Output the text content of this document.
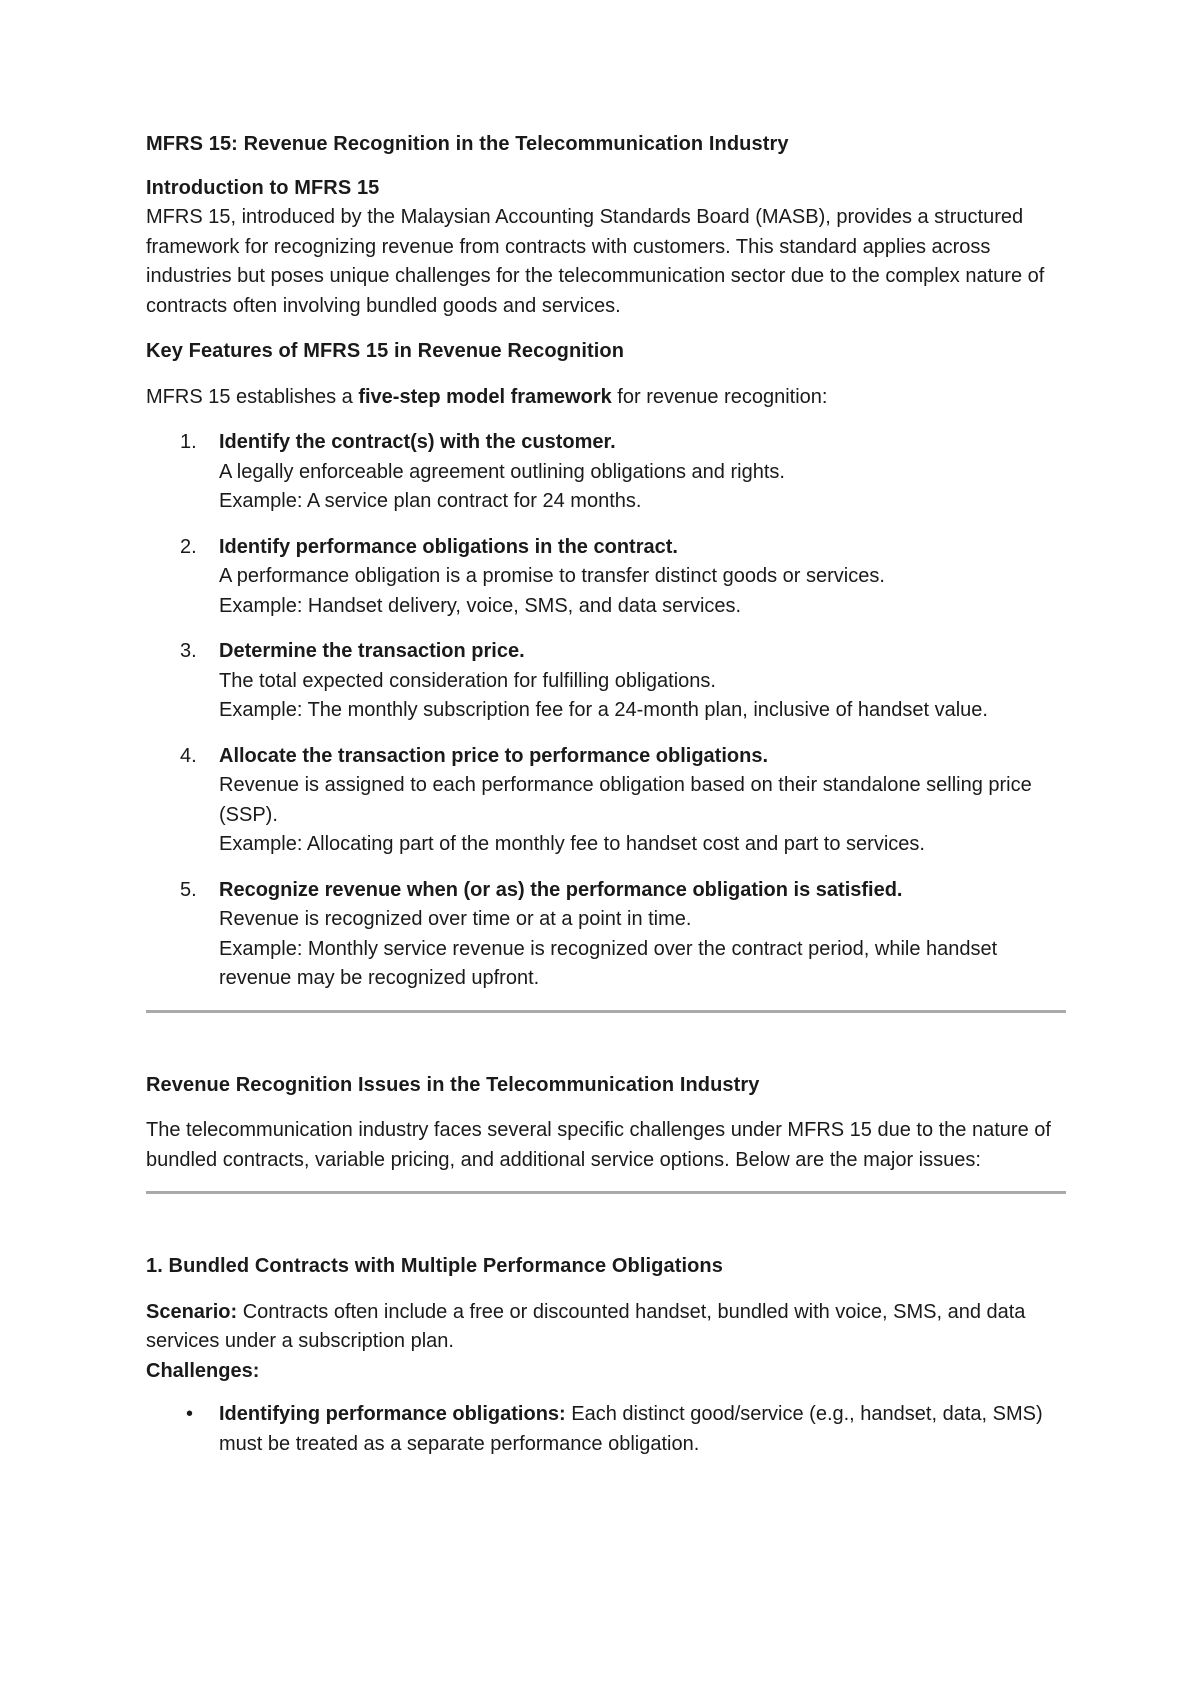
MFRS 15: Revenue Recognition in the Telecommunication Industry

Introduction to MFRS 15

MFRS 15, introduced by the Malaysian Accounting Standards Board (MASB), provides a structured framework for recognizing revenue from contracts with customers. This standard applies across industries but poses unique challenges for the telecommunication sector due to the complex nature of contracts often involving bundled goods and services.

Key Features of MFRS 15 in Revenue Recognition

MFRS 15 establishes a five-step model framework for revenue recognition:

1. Identify the contract(s) with the customer.
A legally enforceable agreement outlining obligations and rights.
Example: A service plan contract for 24 months.
2. Identify performance obligations in the contract.
A performance obligation is a promise to transfer distinct goods or services.
Example: Handset delivery, voice, SMS, and data services.
3. Determine the transaction price.
The total expected consideration for fulfilling obligations.
Example: The monthly subscription fee for a 24-month plan, inclusive of handset value.
4. Allocate the transaction price to performance obligations.
Revenue is assigned to each performance obligation based on their standalone selling price (SSP).
Example: Allocating part of the monthly fee to handset cost and part to services.
5. Recognize revenue when (or as) the performance obligation is satisfied.
Revenue is recognized over time or at a point in time.
Example: Monthly service revenue is recognized over the contract period, while handset revenue may be recognized upfront.

Revenue Recognition Issues in the Telecommunication Industry

The telecommunication industry faces several specific challenges under MFRS 15 due to the nature of bundled contracts, variable pricing, and additional service options. Below are the major issues:

1. Bundled Contracts with Multiple Performance Obligations

Scenario: Contracts often include a free or discounted handset, bundled with voice, SMS, and data services under a subscription plan.

Challenges:

• Identifying performance obligations: Each distinct good/service (e.g., handset, data, SMS) must be treated as a separate performance obligation.
